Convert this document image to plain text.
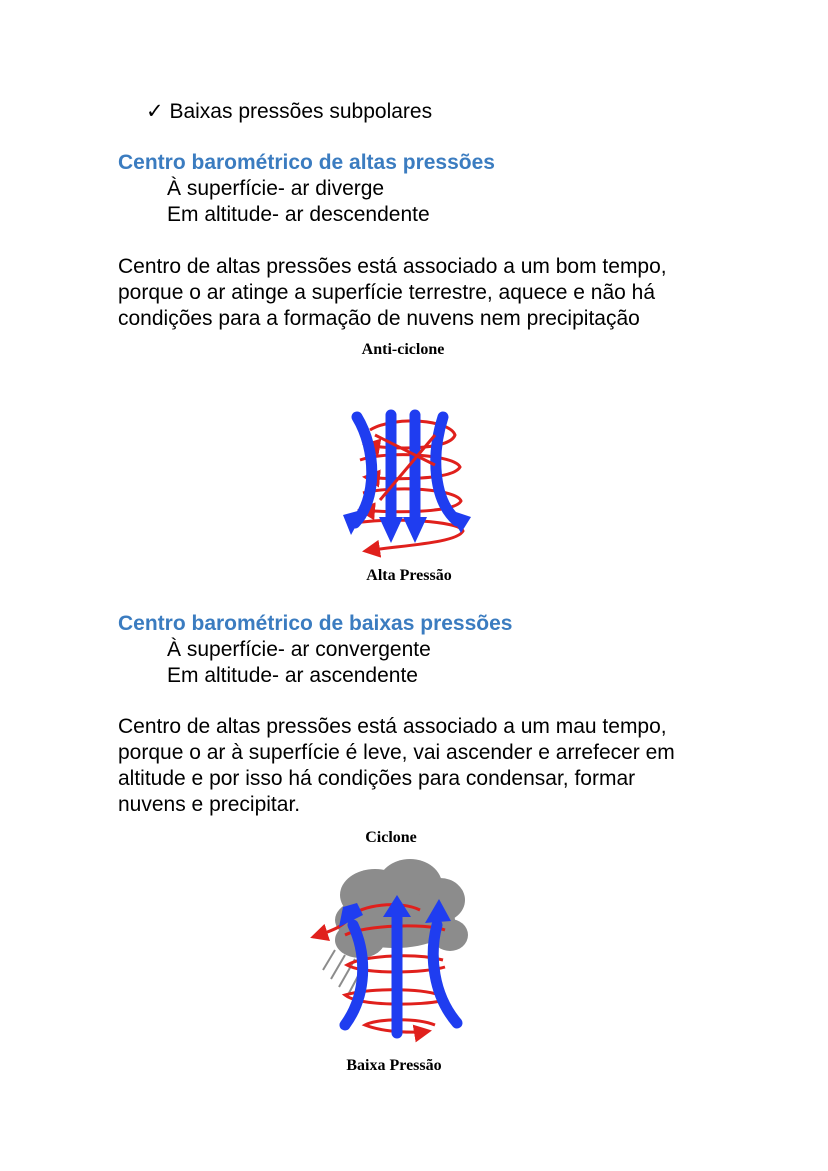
✓ Baixas pressões subpolares
Centro barométrico de altas pressões
À superfície- ar diverge
Em altitude- ar descendente
Centro de altas pressões está associado a um bom tempo,
porque o ar atinge a superfície terrestre, aquece e não há
condições para a formação de nuvens nem precipitação
Anti-ciclone
Alta Pressão
Centro barométrico de baixas pressões
À superfície- ar convergente
Em altitude- ar ascendente
Centro de altas pressões está associado a um mau tempo,
porque o ar à superfície é leve, vai ascender e arrefecer em
altitude e por isso há condições para condensar, formar
nuvens e precipitar.
Ciclone
Baixa Pressão
